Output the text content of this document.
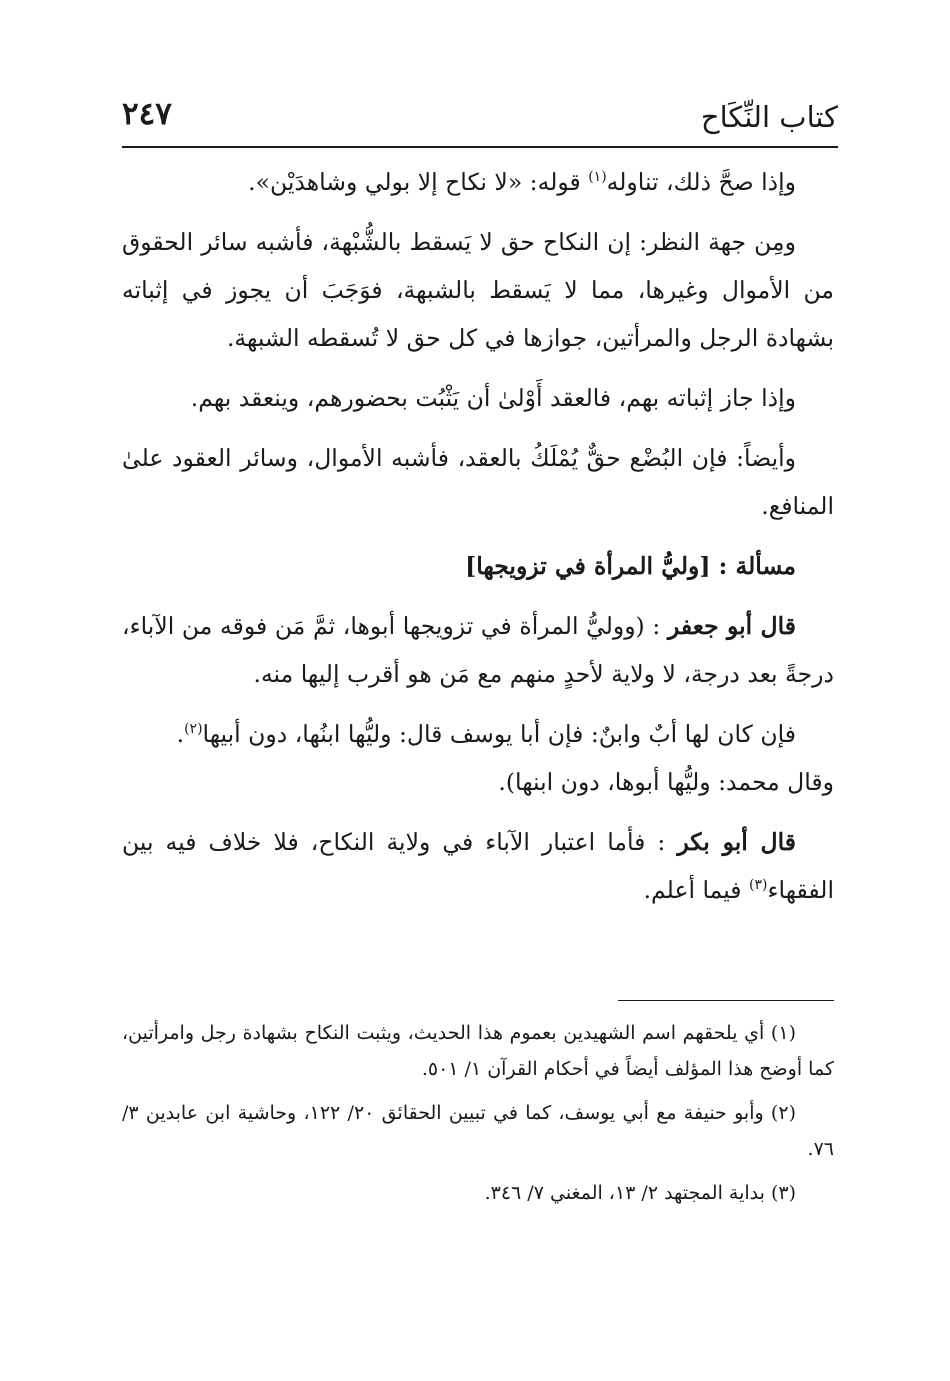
كتاب النِّكَاح
٢٤٧

وإذا صحَّ ذلك، تناوله$^{(١)}$ قوله: «لا نكاح إلا بولي وشاهدَيْن».

ومِن جهة النظر: إن النكاح حق لا يَسقط بالشُّبْهة، فأشبه سائر الحقوق من الأموال وغيرها، مما لا يَسقط بالشبهة، فوَجَبَ أن يجوز في إثباته بشهادة الرجل والمرأتين، جوازها في كل حق لا تُسقطه الشبهة.

وإذا جاز إثباته بهم، فالعقد أَوْلىٰ أن يَثْبُت بحضورهم، وينعقد بهم.

وأيضاً: فإن البُضْع حقٌّ يُمْلَكُ بالعقد، فأشبه الأموال، وسائر العقود علىٰ المنافع.

مسألة : [وليُّ المرأة في تزويجها]

قال أبو جعفر : (ووليُّ المرأة في تزويجها أبوها، ثمَّ مَن فوقه من الآباء، درجةً بعد درجة، لا ولاية لأحدٍ منهم مع مَن هو أقرب إليها منه.

فإن كان لها أبٌ وابنٌ: فإن أبا يوسف قال: وليُّها ابنُها، دون أبيها$^{(٢)}$.

وقال محمد: وليُّها أبوها، دون ابنها).

قال أبو بكر : فأما اعتبار الآباء في ولاية النكاح، فلا خلاف فيه بين الفقهاء$^{(٣)}$ فيما أعلم.

(١) أي يلحقهم اسم الشهيدين بعموم هذا الحديث، ويثبت النكاح بشهادة رجل وامرأتين، كما أوضح هذا المؤلف أيضاً في أحكام القرآن ١/ ٥٠١.

(٢) وأبو حنيفة مع أبي يوسف، كما في تبيين الحقائق ٢٠/ ١٢٢، وحاشية ابن عابدين ٣/ ٧٦.

(٣) بداية المجتهد ٢/ ١٣، المغني ٧/ ٣٤٦.
